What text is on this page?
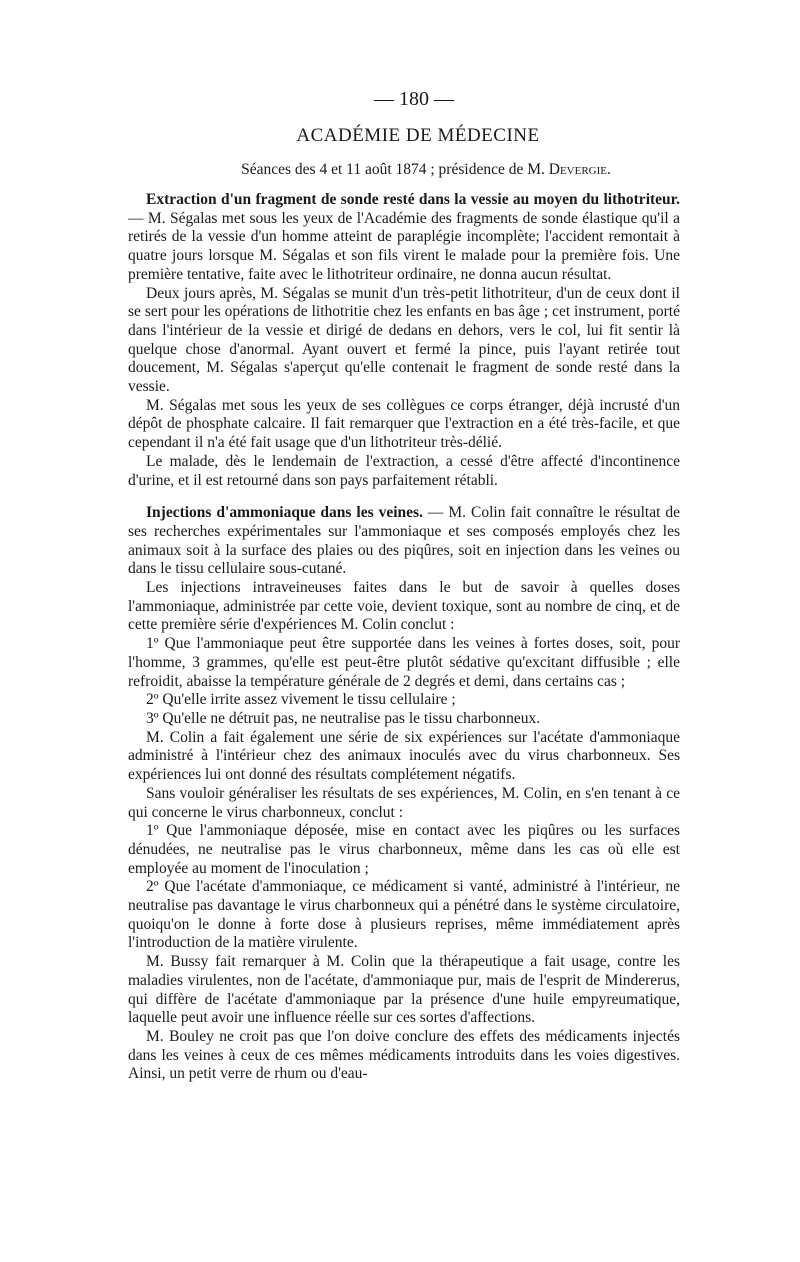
— 180 —
ACADÉMIE DE MÉDECINE
Séances des 4 et 11 août 1874 ; présidence de M. Devergie.

Extraction d'un fragment de sonde resté dans la vessie au moyen du lithotriteur. — M. Ségalas met sous les yeux de l'Académie des fragments de sonde élastique qu'il a retirés de la vessie d'un homme atteint de paraplégie incomplète; l'accident remontait à quatre jours lorsque M. Ségalas et son fils virent le malade pour la première fois. Une première tentative, faite avec le lithotriteur ordinaire, ne donna aucun résultat.

Deux jours après, M. Ségalas se munit d'un très-petit lithotriteur, d'un de ceux dont il se sert pour les opérations de lithotritie chez les enfants en bas âge ; cet instrument, porté dans l'intérieur de la vessie et dirigé de dedans en dehors, vers le col, lui fit sentir là quelque chose d'anormal. Ayant ouvert et fermé la pince, puis l'ayant retirée tout doucement, M. Ségalas s'aperçut qu'elle contenait le fragment de sonde resté dans la vessie.

M. Ségalas met sous les yeux de ses collègues ce corps étranger, déjà incrusté d'un dépôt de phosphate calcaire. Il fait remarquer que l'extraction en a été très-facile, et que cependant il n'a été fait usage que d'un lithotriteur très-délié.

Le malade, dès le lendemain de l'extraction, a cessé d'être affecté d'incontinence d'urine, et il est retourné dans son pays parfaitement rétabli.

Injections d'ammoniaque dans les veines. — M. Colin fait connaître le résultat de ses recherches expérimentales sur l'ammoniaque et ses composés employés chez les animaux soit à la surface des plaies ou des piqûres, soit en injection dans les veines ou dans le tissu cellulaire sous-cutané.

Les injections intraveineuses faites dans le but de savoir à quelles doses l'ammoniaque, administrée par cette voie, devient toxique, sont au nombre de cinq, et de cette première série d'expériences M. Colin conclut :

1º Que l'ammoniaque peut être supportée dans les veines à fortes doses, soit, pour l'homme, 3 grammes, qu'elle est peut-être plutôt sédative qu'excitant diffusible ; elle refroidit, abaisse la température générale de 2 degrés et demi, dans certains cas ;

2º Qu'elle irrite assez vivement le tissu cellulaire ;

3º Qu'elle ne détruit pas, ne neutralise pas le tissu charbonneux.

M. Colin a fait également une série de six expériences sur l'acétate d'ammoniaque administré à l'intérieur chez des animaux inoculés avec du virus charbonneux. Ses expériences lui ont donné des résultats complétement négatifs.

Sans vouloir généraliser les résultats de ses expériences, M. Colin, en s'en tenant à ce qui concerne le virus charbonneux, conclut :

1º Que l'ammoniaque déposée, mise en contact avec les piqûres ou les surfaces dénudées, ne neutralise pas le virus charbonneux, même dans les cas où elle est employée au moment de l'inoculation ;

2º Que l'acétate d'ammoniaque, ce médicament si vanté, administré à l'intérieur, ne neutralise pas davantage le virus charbonneux qui a pénétré dans le système circulatoire, quoiqu'on le donne à forte dose à plusieurs reprises, même immédiatement après l'introduction de la matière virulente.

M. Bussy fait remarquer à M. Colin que la thérapeutique a fait usage, contre les maladies virulentes, non de l'acétate, d'ammoniaque pur, mais de l'esprit de Mindererus, qui diffère de l'acétate d'ammoniaque par la présence d'une huile empyreumatique, laquelle peut avoir une influence réelle sur ces sortes d'affections.

M. Bouley ne croit pas que l'on doive conclure des effets des médicaments injectés dans les veines à ceux de ces mêmes médicaments introduits dans les voies digestives. Ainsi, un petit verre de rhum ou d'eau-
